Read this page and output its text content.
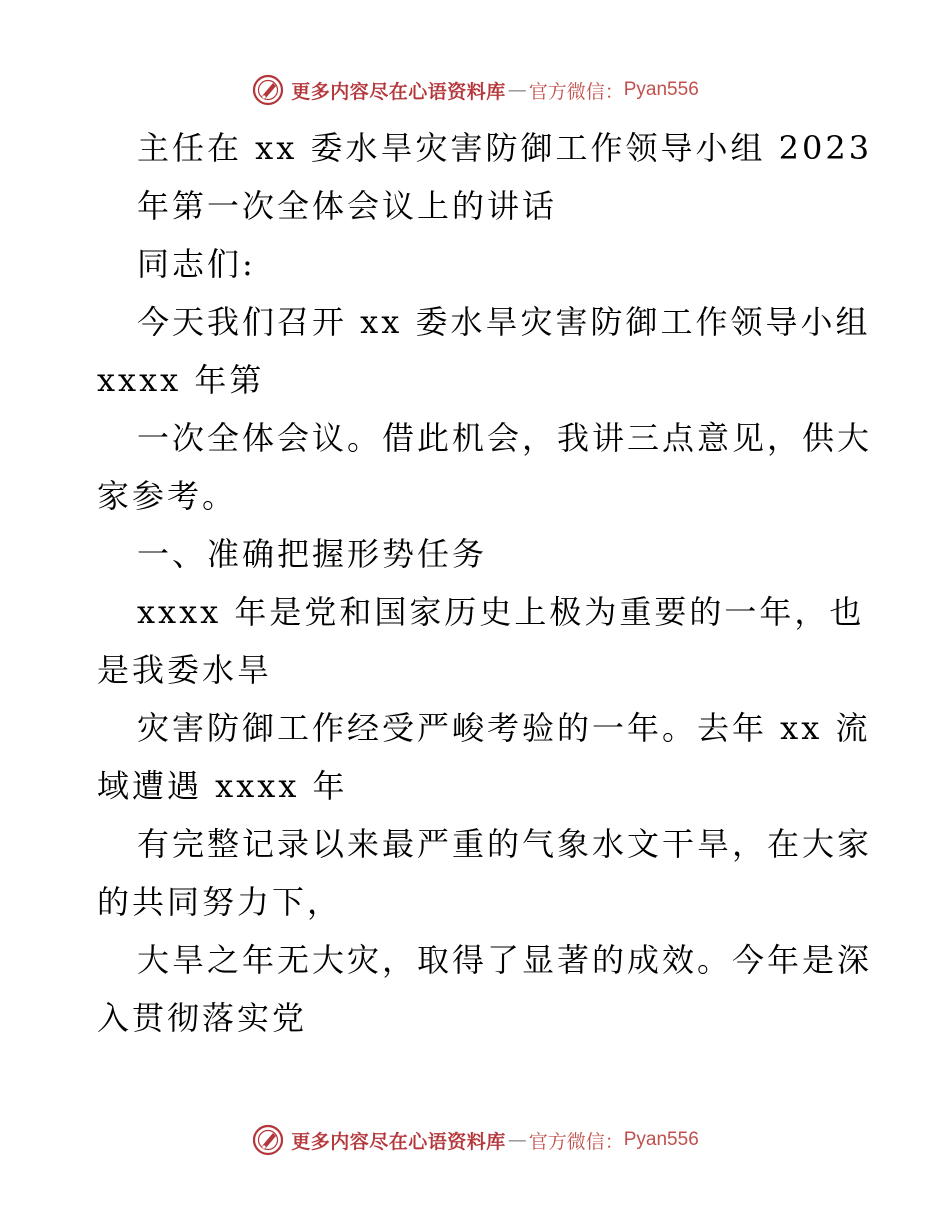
更多内容尽在心语资料库 — 官方微信： Pyan556
主任在 xx 委水旱灾害防御工作领导小组 2023
年第一次全体会议上的讲话
同志们:
今天我们召开 xx 委水旱灾害防御工作领导小组
xxxx 年第
一次全体会议。借此机会，我讲三点意见，供大
家参考。
一、准确把握形势任务
xxxx 年是党和国家历史上极为重要的一年，也
是我委水旱
灾害防御工作经受严峻考验的一年。去年 xx 流
域遭遇 xxxx 年
有完整记录以来最严重的气象水文干旱，在大家
的共同努力下，
大旱之年无大灾，取得了显著的成效。今年是深
入贯彻落实党
更多内容尽在心语资料库 — 官方微信： Pyan556
